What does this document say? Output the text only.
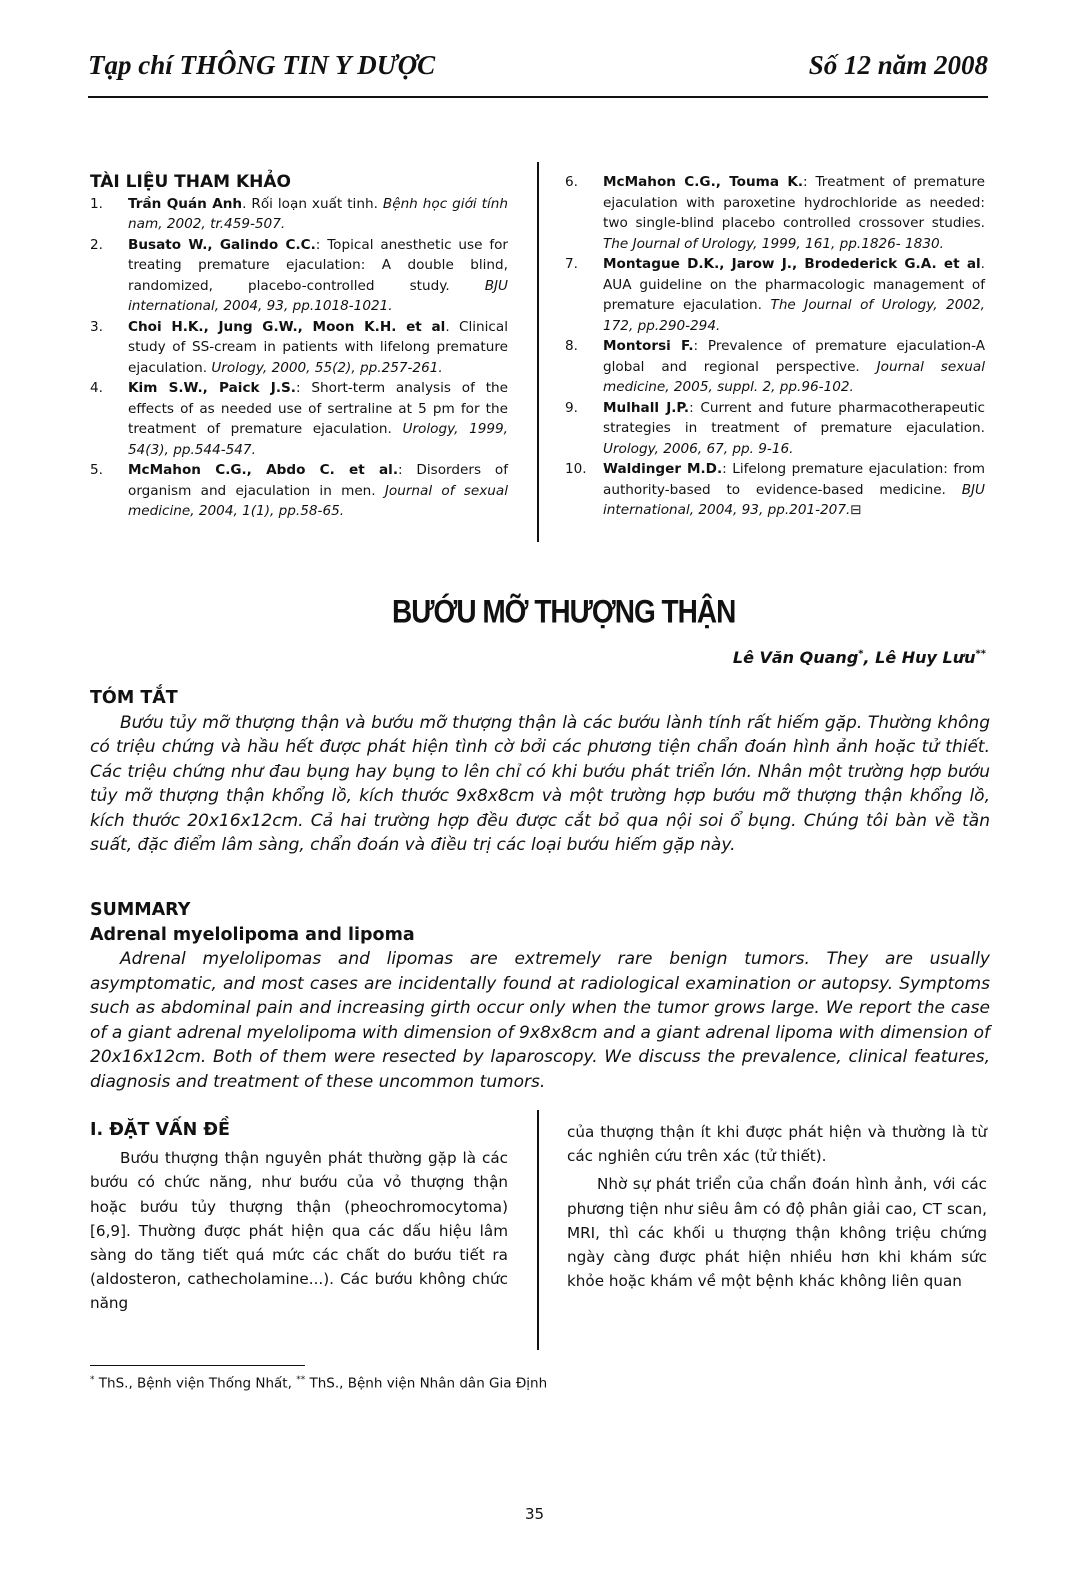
Tạp chí THÔNG TIN Y DƯỢC	Số 12 năm 2008
TÀI LIỆU THAM KHẢO
1.	Trần Quán Anh. Rối loạn xuất tinh. Bệnh học giới tính nam, 2002, tr.459-507.
2.	Busato W., Galindo C.C.: Topical anesthetic use for treating premature ejaculation: A double blind, randomized, placebo-controlled study. BJU international, 2004, 93, pp.1018-1021.
3.	Choi H.K., Jung G.W., Moon K.H. et al. Clinical study of SS-cream in patients with lifelong premature ejaculation. Urology, 2000, 55(2), pp.257-261.
4.	Kim S.W., Paick J.S.: Short-term analysis of the effects of as needed use of sertraline at 5 pm for the treatment of premature ejaculation. Urology, 1999, 54(3), pp.544-547.
5.	McMahon C.G., Abdo C. et al.: Disorders of organism and ejaculation in men. Journal of sexual medicine, 2004, 1(1), pp.58-65.
6.	McMahon C.G., Touma K.: Treatment of premature ejaculation with paroxetine hydrochloride as needed: two single-blind placebo controlled crossover studies. The Journal of Urology, 1999, 161, pp.1826- 1830.
7.	Montague D.K., Jarow J., Brodederick G.A. et al. AUA guideline on the pharmacologic management of premature ejaculation. The Journal of Urology, 2002, 172, pp.290-294.
8.	Montorsi F.: Prevalence of premature ejaculation-A global and regional perspective. Journal sexual medicine, 2005, suppl. 2, pp.96-102.
9.	Mulhall J.P.: Current and future pharmacotherapeutic strategies in treatment of premature ejaculation. Urology, 2006, 67, pp. 9-16.
10.	Waldinger M.D.: Lifelong premature ejaculation: from authority-based to evidence-based medicine. BJU international, 2004, 93, pp.201-207.⊟
BƯỚU MỠ THƯỢNG THẬN
Lê Văn Quang*, Lê Huy Lưu**
TÓM TẮT

Bướu tủy mỡ thượng thận và bướu mỡ thượng thận là các bướu lành tính rất hiếm gặp. Thường không có triệu chứng và hầu hết được phát hiện tình cờ bởi các phương tiện chẩn đoán hình ảnh hoặc tử thiết. Các triệu chứng như đau bụng hay bụng to lên chỉ có khi bướu phát triển lớn. Nhân một trường hợp bướu tủy mỡ thượng thận khổng lồ, kích thước 9x8x8cm và một trường hợp bướu mỡ thượng thận khổng lồ, kích thước 20x16x12cm. Cả hai trường hợp đều được cắt bỏ qua nội soi ổ bụng. Chúng tôi bàn về tần suất, đặc điểm lâm sàng, chẩn đoán và điều trị các loại bướu hiếm gặp này.

SUMMARY
Adrenal myelolipoma and lipoma

Adrenal myelolipomas and lipomas are extremely rare benign tumors. They are usually asymptomatic, and most cases are incidentally found at radiological examination or autopsy. Symptoms such as abdominal pain and increasing girth occur only when the tumor grows large. We report the case of a giant adrenal myelolipoma with dimension of 9x8x8cm and a giant adrenal lipoma with dimension of 20x16x12cm. Both of them were resected by laparoscopy. We discuss the prevalence, clinical features, diagnosis and treatment of these uncommon tumors.

I. ĐẶT VẤN ĐỀ

Bướu thượng thận nguyên phát thường gặp là các bướu có chức năng, như bướu của vỏ thượng thận hoặc bướu tủy thượng thận (pheochromocytoma) [6,9]. Thường được phát hiện qua các dấu hiệu lâm sàng do tăng tiết quá mức các chất do bướu tiết ra (aldosteron, cathecholamine...). Các bướu không chức năng

của thượng thận ít khi được phát hiện và thường là từ các nghiên cứu trên xác (tử thiết).

Nhờ sự phát triển của chẩn đoán hình ảnh, với các phương tiện như siêu âm có độ phân giải cao, CT scan, MRI, thì các khối u thượng thận không triệu chứng ngày càng được phát hiện nhiều hơn khi khám sức khỏe hoặc khám về một bệnh khác không liên quan

* ThS., Bệnh viện Thống Nhất, ** ThS., Bệnh viện Nhân dân Gia Định
35
